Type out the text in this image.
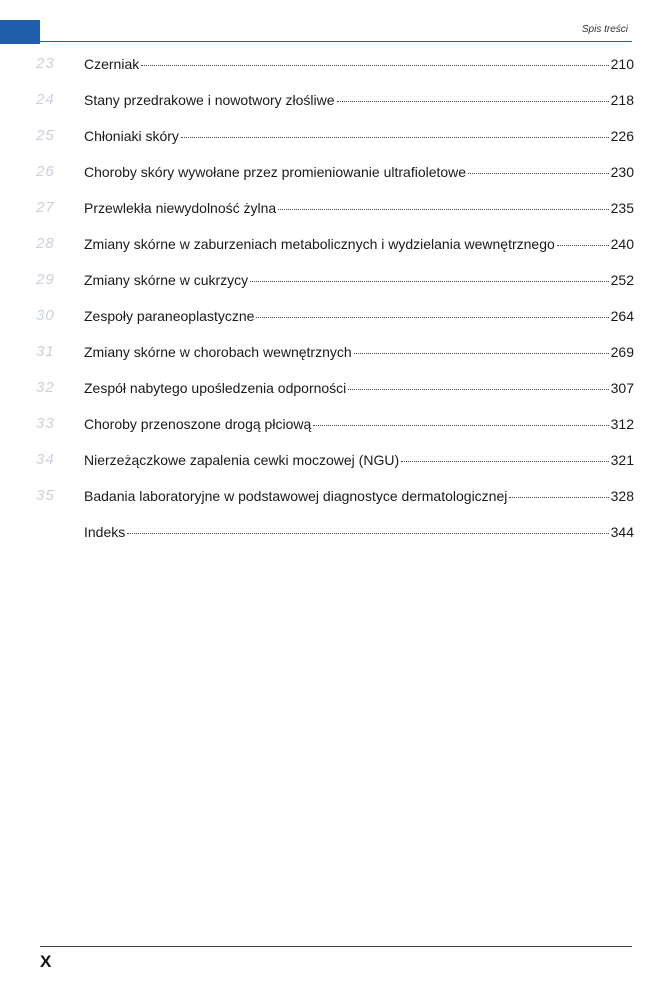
Spis treści
23 Czerniak	210
24 Stany przedrakowe i nowotwory złośliwe	218
25 Chłoniaki skóry	226
26 Choroby skóry wywołane przez promieniowanie ultrafioletowe	230
27 Przewlekła niewydolność żylna	235
28 Zmiany skórne w zaburzeniach metabolicznych i wydzielania wewnętrznego	240
29 Zmiany skórne w cukrzycy	252
30 Zespoły paraneoplastyczne	264
31 Zmiany skórne w chorobach wewnętrznych	269
32 Zespół nabytego upośledzenia odporności	307
33 Choroby przenoszone drogą płciową	312
34 Nierzeżączkowe zapalenia cewki moczowej (NGU)	321
35 Badania laboratoryjne w podstawowej diagnostyce dermatologicznej	328
Indeks	344
X
